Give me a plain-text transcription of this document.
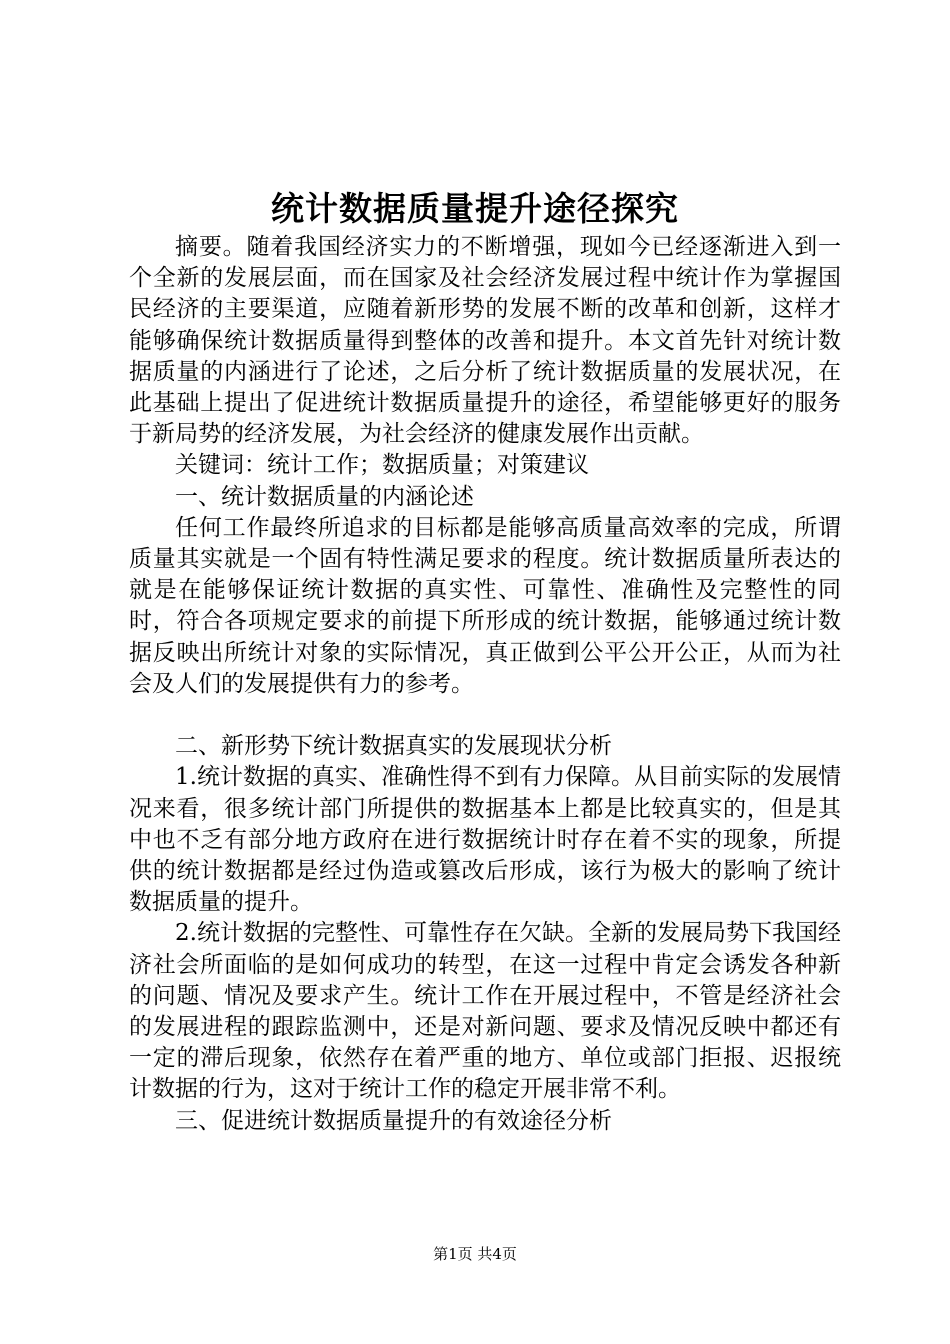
统计数据质量提升途径探究

摘要。随着我国经济实力的不断增强，现如今已经逐渐进入到一个全新的发展层面，而在国家及社会经济发展过程中统计作为掌握国民经济的主要渠道，应随着新形势的发展不断的改革和创新，这样才能够确保统计数据质量得到整体的改善和提升。本文首先针对统计数据质量的内涵进行了论述，之后分析了统计数据质量的发展状况，在此基础上提出了促进统计数据质量提升的途径，希望能够更好的服务于新局势的经济发展，为社会经济的健康发展作出贡献。

关键词：统计工作；数据质量；对策建议

一、统计数据质量的内涵论述

任何工作最终所追求的目标都是能够高质量高效率的完成，所谓质量其实就是一个固有特性满足要求的程度。统计数据质量所表达的就是在能够保证统计数据的真实性、可靠性、准确性及完整性的同时，符合各项规定要求的前提下所形成的统计数据，能够通过统计数据反映出所统计对象的实际情况，真正做到公平公开公正，从而为社会及人们的发展提供有力的参考。

二、新形势下统计数据真实的发展现状分析

1.统计数据的真实、准确性得不到有力保障。从目前实际的发展情况来看，很多统计部门所提供的数据基本上都是比较真实的，但是其中也不乏有部分地方政府在进行数据统计时存在着不实的现象，所提供的统计数据都是经过伪造或篡改后形成，该行为极大的影响了统计数据质量的提升。

2.统计数据的完整性、可靠性存在欠缺。全新的发展局势下我国经济社会所面临的是如何成功的转型，在这一过程中肯定会诱发各种新的问题、情况及要求产生。统计工作在开展过程中，不管是经济社会的发展进程的跟踪监测中，还是对新问题、要求及情况反映中都还有一定的滞后现象，依然存在着严重的地方、单位或部门拒报、迟报统计数据的行为，这对于统计工作的稳定开展非常不利。

三、促进统计数据质量提升的有效途径分析

第1页 共4页
